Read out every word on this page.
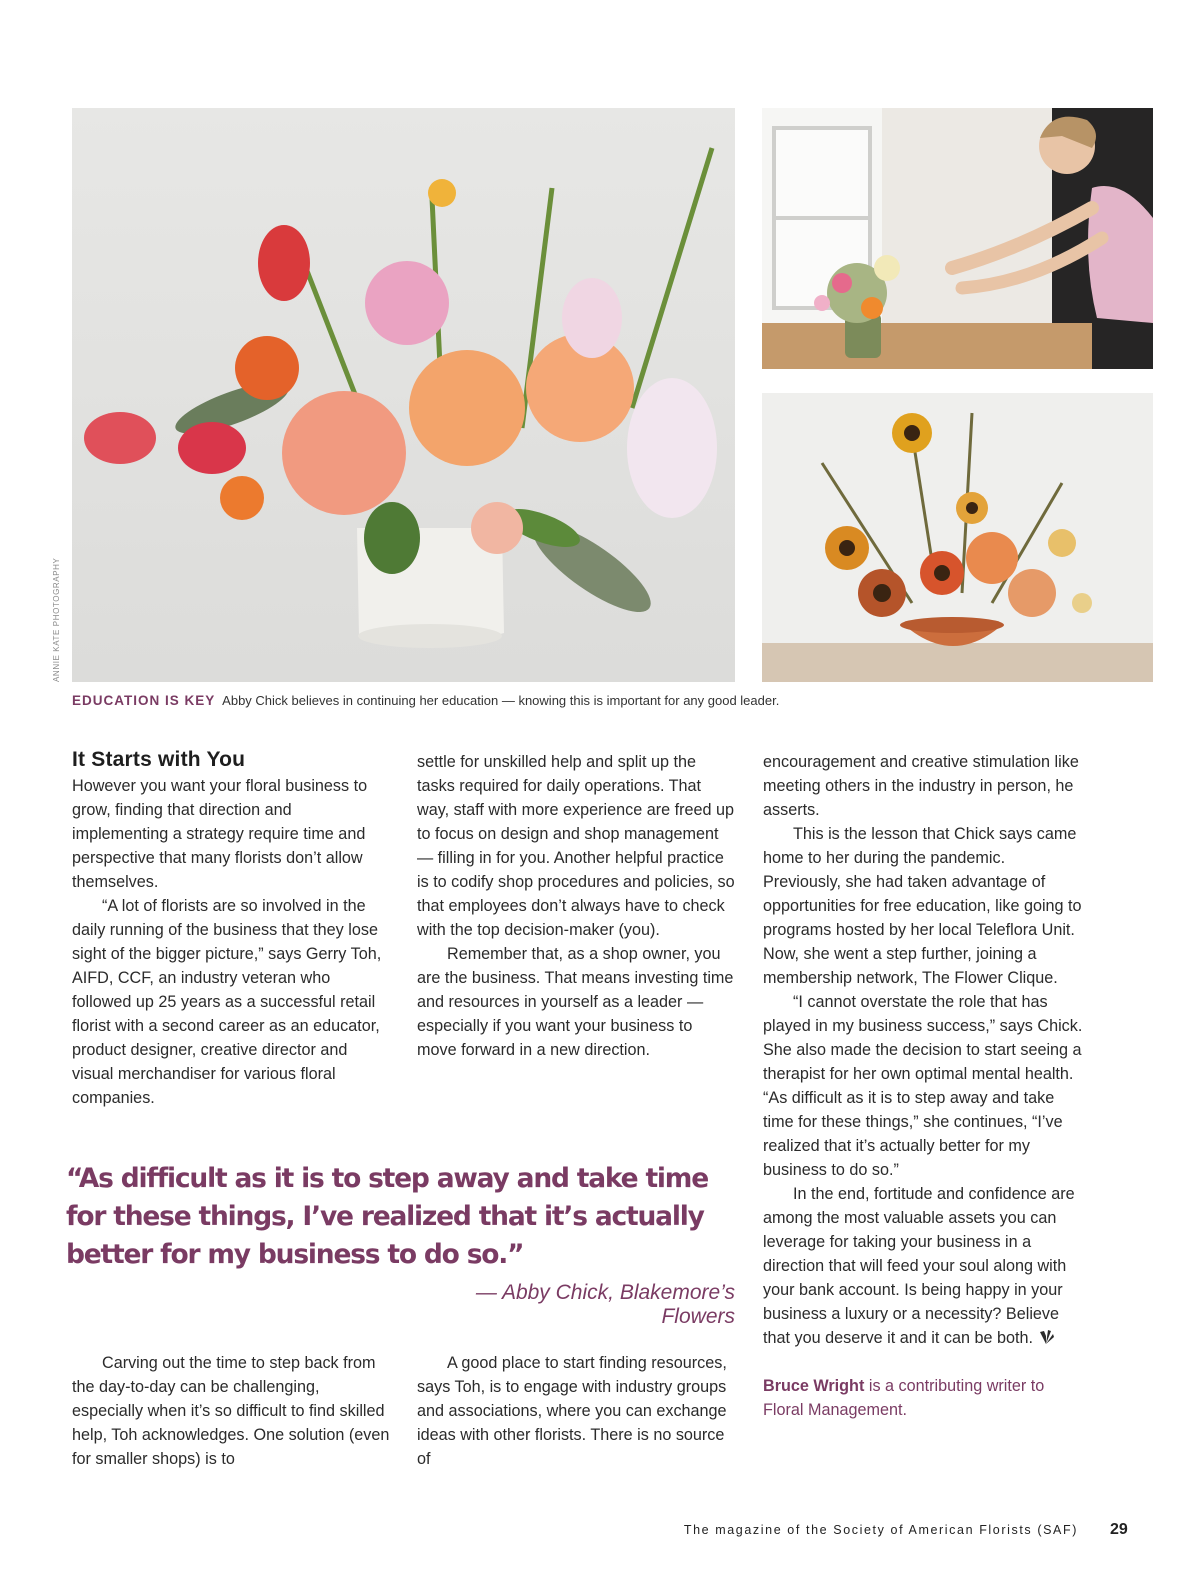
ANNIE KATE PHOTOGRAPHY
EDUCATION IS KEY Abby Chick believes in continuing her education — knowing this is important for any good leader.
It Starts with You

However you want your floral business to grow, finding that direction and implementing a strategy require time and perspective that many florists don’t allow themselves.

“A lot of florists are so involved in the daily running of the business that they lose sight of the bigger picture,” says Gerry Toh, AIFD, CCF, an industry veteran who followed up 25 years as a successful retail florist with a second career as an educator, product designer, creative director and visual merchandiser for various floral companies.

settle for unskilled help and split up the tasks required for daily operations. That way, staff with more experience are freed up to focus on design and shop management — filling in for you. Another helpful practice is to codify shop procedures and policies, so that employees don’t always have to check with the top decision-maker (you).

Remember that, as a shop owner, you are the business. That means investing time and resources in yourself as a leader — especially if you want your business to move forward in a new direction.

encouragement and creative stimulation like meeting others in the industry in person, he asserts.

This is the lesson that Chick says came home to her during the pandemic. Previously, she had taken advantage of opportunities for free education, like going to programs hosted by her local Teleflora Unit. Now, she went a step further, joining a membership network, The Flower Clique.

“I cannot overstate the role that has played in my business success,” says Chick. She also made the decision to start seeing a therapist for her own optimal mental health. “As difficult as it is to step away and take time for these things,” she continues, “I’ve realized that it’s actually better for my business to do so.”

In the end, fortitude and confidence are among the most valuable assets you can leverage for taking your business in a direction that will feed your soul along with your bank account. Is being happy in your business a luxury or a necessity? Believe that you deserve it and it can be both.

Bruce Wright is a contributing writer to Floral Management.

“As difficult as it is to step away and take time for these things, I’ve realized that it’s actually better for my business to do so.”
— Abby Chick, Blakemore’s Flowers

Carving out the time to step back from the day-to-day can be challenging, especially when it’s so difficult to find skilled help, Toh acknowledges. One solution (even for smaller shops) is to

A good place to start finding resources, says Toh, is to engage with industry groups and associations, where you can exchange ideas with other florists. There is no source of

The magazine of the Society of American Florists (SAF) 29
